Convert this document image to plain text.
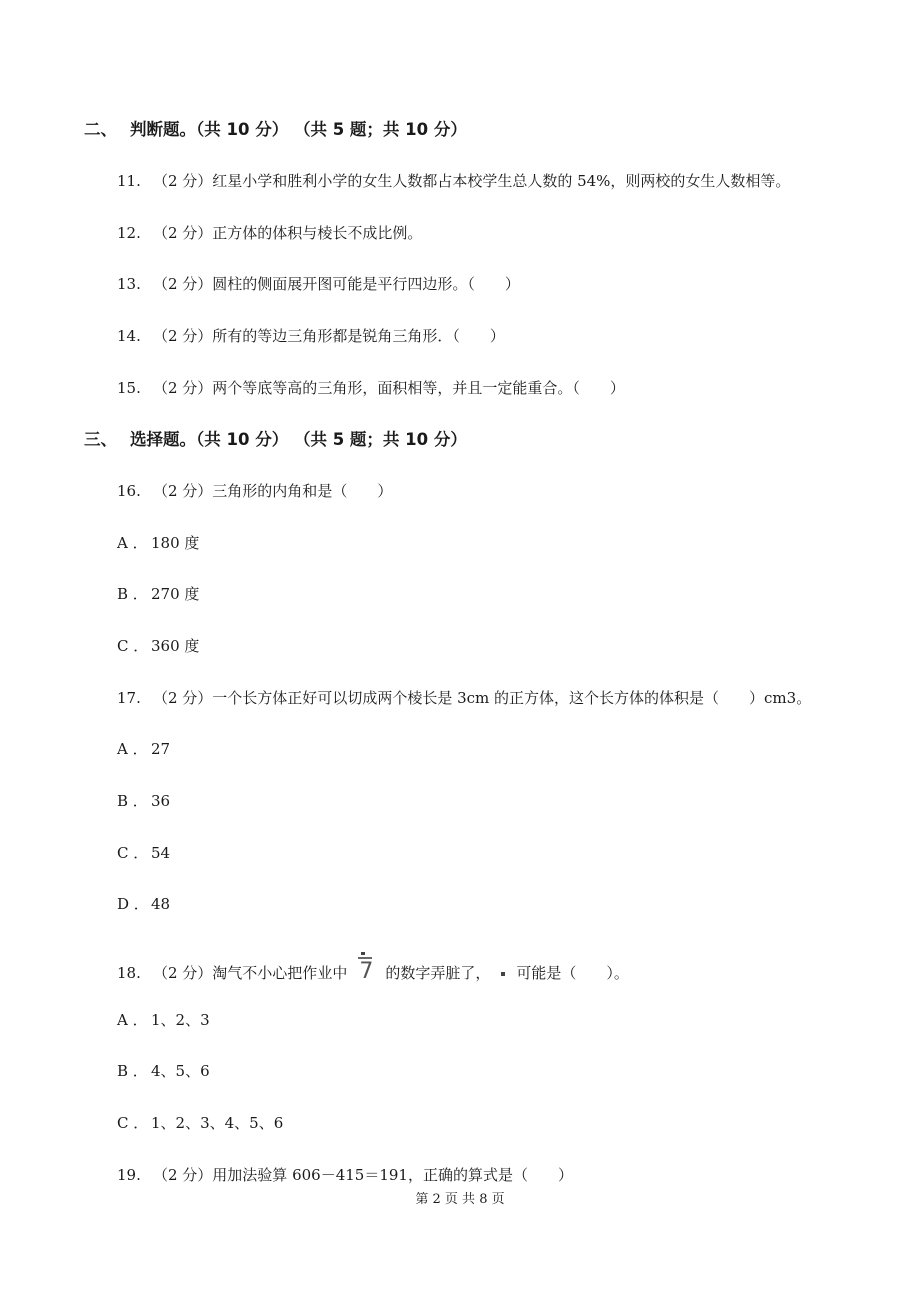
二、 判断题。（共 10 分） （共 5 题；共 10 分）
11. （2 分）红星小学和胜利小学的女生人数都占本校学生总人数的 54%，则两校的女生人数相等。
12. （2 分）正方体的体积与棱长不成比例。
13. （2 分）圆柱的侧面展开图可能是平行四边形。（　　）
14. （2 分）所有的等边三角形都是锐角三角形．（　　）
15. （2 分）两个等底等高的三角形，面积相等，并且一定能重合。（　　）
三、 选择题。（共 10 分） （共 5 题；共 10 分）
16. （2 分）三角形的内角和是（　　）
A ． 180 度
B ． 270 度
C ． 360 度
17. （2 分）一个长方体正好可以切成两个棱长是 3cm 的正方体，这个长方体的体积是（　　）cm3。
A ． 27
B ． 36
C ． 54
D ． 48
18. （2 分）淘气不小心把作业中 7 的数字弄脏了， 可能是（　　）。
A ． 1、2、3
B ． 4、5、6
C ． 1、2、3、4、5、6
19. （2 分）用加法验算 606－415＝191，正确的算式是（　　）
第 2 页 共 8 页
